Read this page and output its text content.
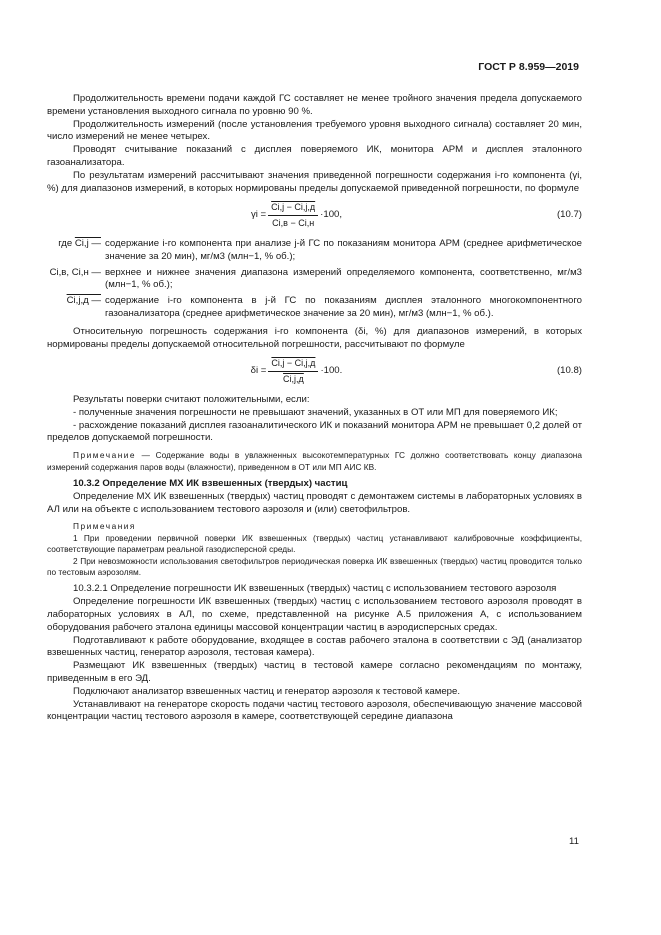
ГОСТ Р 8.959—2019

Продолжительность времени подачи каждой ГС составляет не менее тройного значения предела допускаемого времени установления выходного сигнала по уровню 90 %.

Продолжительность измерений (после установления требуемого уровня выходного сигнала) составляет 20 мин, число измерений не менее четырех.

Проводят считывание показаний с дисплея поверяемого ИК, монитора АРМ и дисплея эталонного газоанализатора.

По результатам измерений рассчитывают значения приведенной погрешности содержания i-го компонента (γi, %) для диапазонов измерений, в которых нормированы пределы допускаемой приведенной погрешности, по формуле

$\gamma i = \frac{Ci,j - Ci,j,д}{Ci,в - Ci,н} \cdot 100$,	(10.7)
где Ci,j — содержание i-го компонента при анализе j-й ГС по показаниям монитора АРМ (среднее арифметическое значение за 20 мин), мг/м3 (млн−1, % об.);
Ci,в, Ci,н — верхнее и нижнее значения диапазона измерений определяемого компонента, соответственно, мг/м3 (млн−1, % об.);
Ci,j,д — содержание i-го компонента в j-й ГС по показаниям дисплея эталонного многокомпонентного газоанализатора (среднее арифметическое значение за 20 мин), мг/м3 (млн−1, % об.).

Относительную погрешность содержания i-го компонента (δi, %) для диапазонов измерений, в которых нормированы пределы допускаемой относительной погрешности, рассчитывают по формуле

$\delta i = \frac{Ci,j - Ci,j,д}{Ci,j,д} \cdot 100$.	(10.8)

Результаты поверки считают положительными, если:

- полученные значения погрешности не превышают значений, указанных в ОТ или МП для поверяемого ИК;

- расхождение показаний дисплея газоаналитического ИК и показаний монитора АРМ не превышает 0,2 долей от пределов допускаемой погрешности.

Примечание — Содержание воды в увлажненных высокотемпературных ГС должно соответствовать концу диапазона измерений содержания паров воды (влажности), приведенном в ОТ или МП АИС КВ.

10.3.2 Определение МХ ИК взвешенных (твердых) частиц

Определение МХ ИК взвешенных (твердых) частиц проводят с демонтажем системы в лабораторных условиях в АЛ или на объекте с использованием тестового аэрозоля и (или) светофильтров.

Примечания

1 При проведении первичной поверки ИК взвешенных (твердых) частиц устанавливают калибровочные коэффициенты, соответствующие параметрам реальной газодисперсной среды.

2 При невозможности использования светофильтров периодическая поверка ИК взвешенных (твердых) частиц проводится только по тестовым аэрозолям.

10.3.2.1 Определение погрешности ИК взвешенных (твердых) частиц с использованием тестового аэрозоля

Определение погрешности ИК взвешенных (твердых) частиц с использованием тестового аэрозоля проводят в лабораторных условиях в АЛ, по схеме, представленной на рисунке А.5 приложения А, с использованием оборудования рабочего эталона единицы массовой концентрации частиц в аэродисперсных средах.

Подготавливают к работе оборудование, входящее в состав рабочего эталона в соответствии с ЭД (анализатор взвешенных частиц, генератор аэрозоля, тестовая камера).

Размещают ИК взвешенных (твердых) частиц в тестовой камере согласно рекомендациям по монтажу, приведенным в его ЭД.

Подключают анализатор взвешенных частиц и генератор аэрозоля к тестовой камере.

Устанавливают на генераторе скорость подачи частиц тестового аэрозоля, обеспечивающую значение массовой концентрации частиц тестового аэрозоля в камере, соответствующей середине диапазона

11
